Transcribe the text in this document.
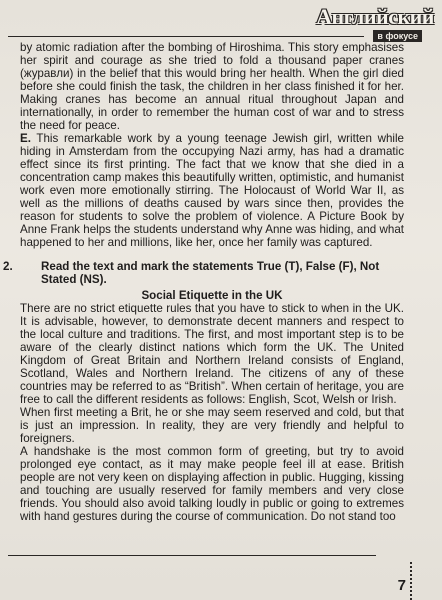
Английский
в фокусе

by atomic radiation after the bombing of Hiroshima. This story emphasises her spirit and courage as she tried to fold a thousand paper cranes (журавли) in the belief that this would bring her health. When the girl died before she could finish the task, the children in her class finished it for her. Making cranes has become an annual ritual throughout Japan and internationally, in order to remember the human cost of war and to stress the need for peace.

E. This remarkable work by a young teenage Jewish girl, written while hiding in Amsterdam from the occupying Nazi army, has had a dramatic effect since its first printing. The fact that we know that she died in a concentration camp makes this beautifully written, optimistic, and humanist work even more emotionally stirring. The Holocaust of World War II, as well as the millions of deaths caused by wars since then, provides the reason for students to solve the problem of violence. A Picture Book by Anne Frank helps the students understand why Anne was hiding, and what happened to her and millions, like her, once her family was captured.

2. Read the text and mark the statements True (T), False (F), Not Stated (NS).
Social Etiquette in the UK

There are no strict etiquette rules that you have to stick to when in the UK. It is advisable, however, to demonstrate decent manners and respect to the local culture and traditions. The first, and most important step is to be aware of the clearly distinct nations which form the UK. The United Kingdom of Great Britain and Northern Ireland consists of England, Scotland, Wales and Northern Ireland. The citizens of any of these countries may be referred to as “British”. When certain of heritage, you are free to call the different residents as follows: English, Scot, Welsh or Irish.

When first meeting a Brit, he or she may seem reserved and cold, but that is just an impression. In reality, they are very friendly and helpful to foreigners.

A handshake is the most common form of greeting, but try to avoid prolonged eye contact, as it may make people feel ill at ease. British people are not very keen on displaying affection in public. Hugging, kissing and touching are usually reserved for family members and very close friends. You should also avoid talking loudly in public or going to extremes with hand gestures during the course of communication. Do not stand too

7
